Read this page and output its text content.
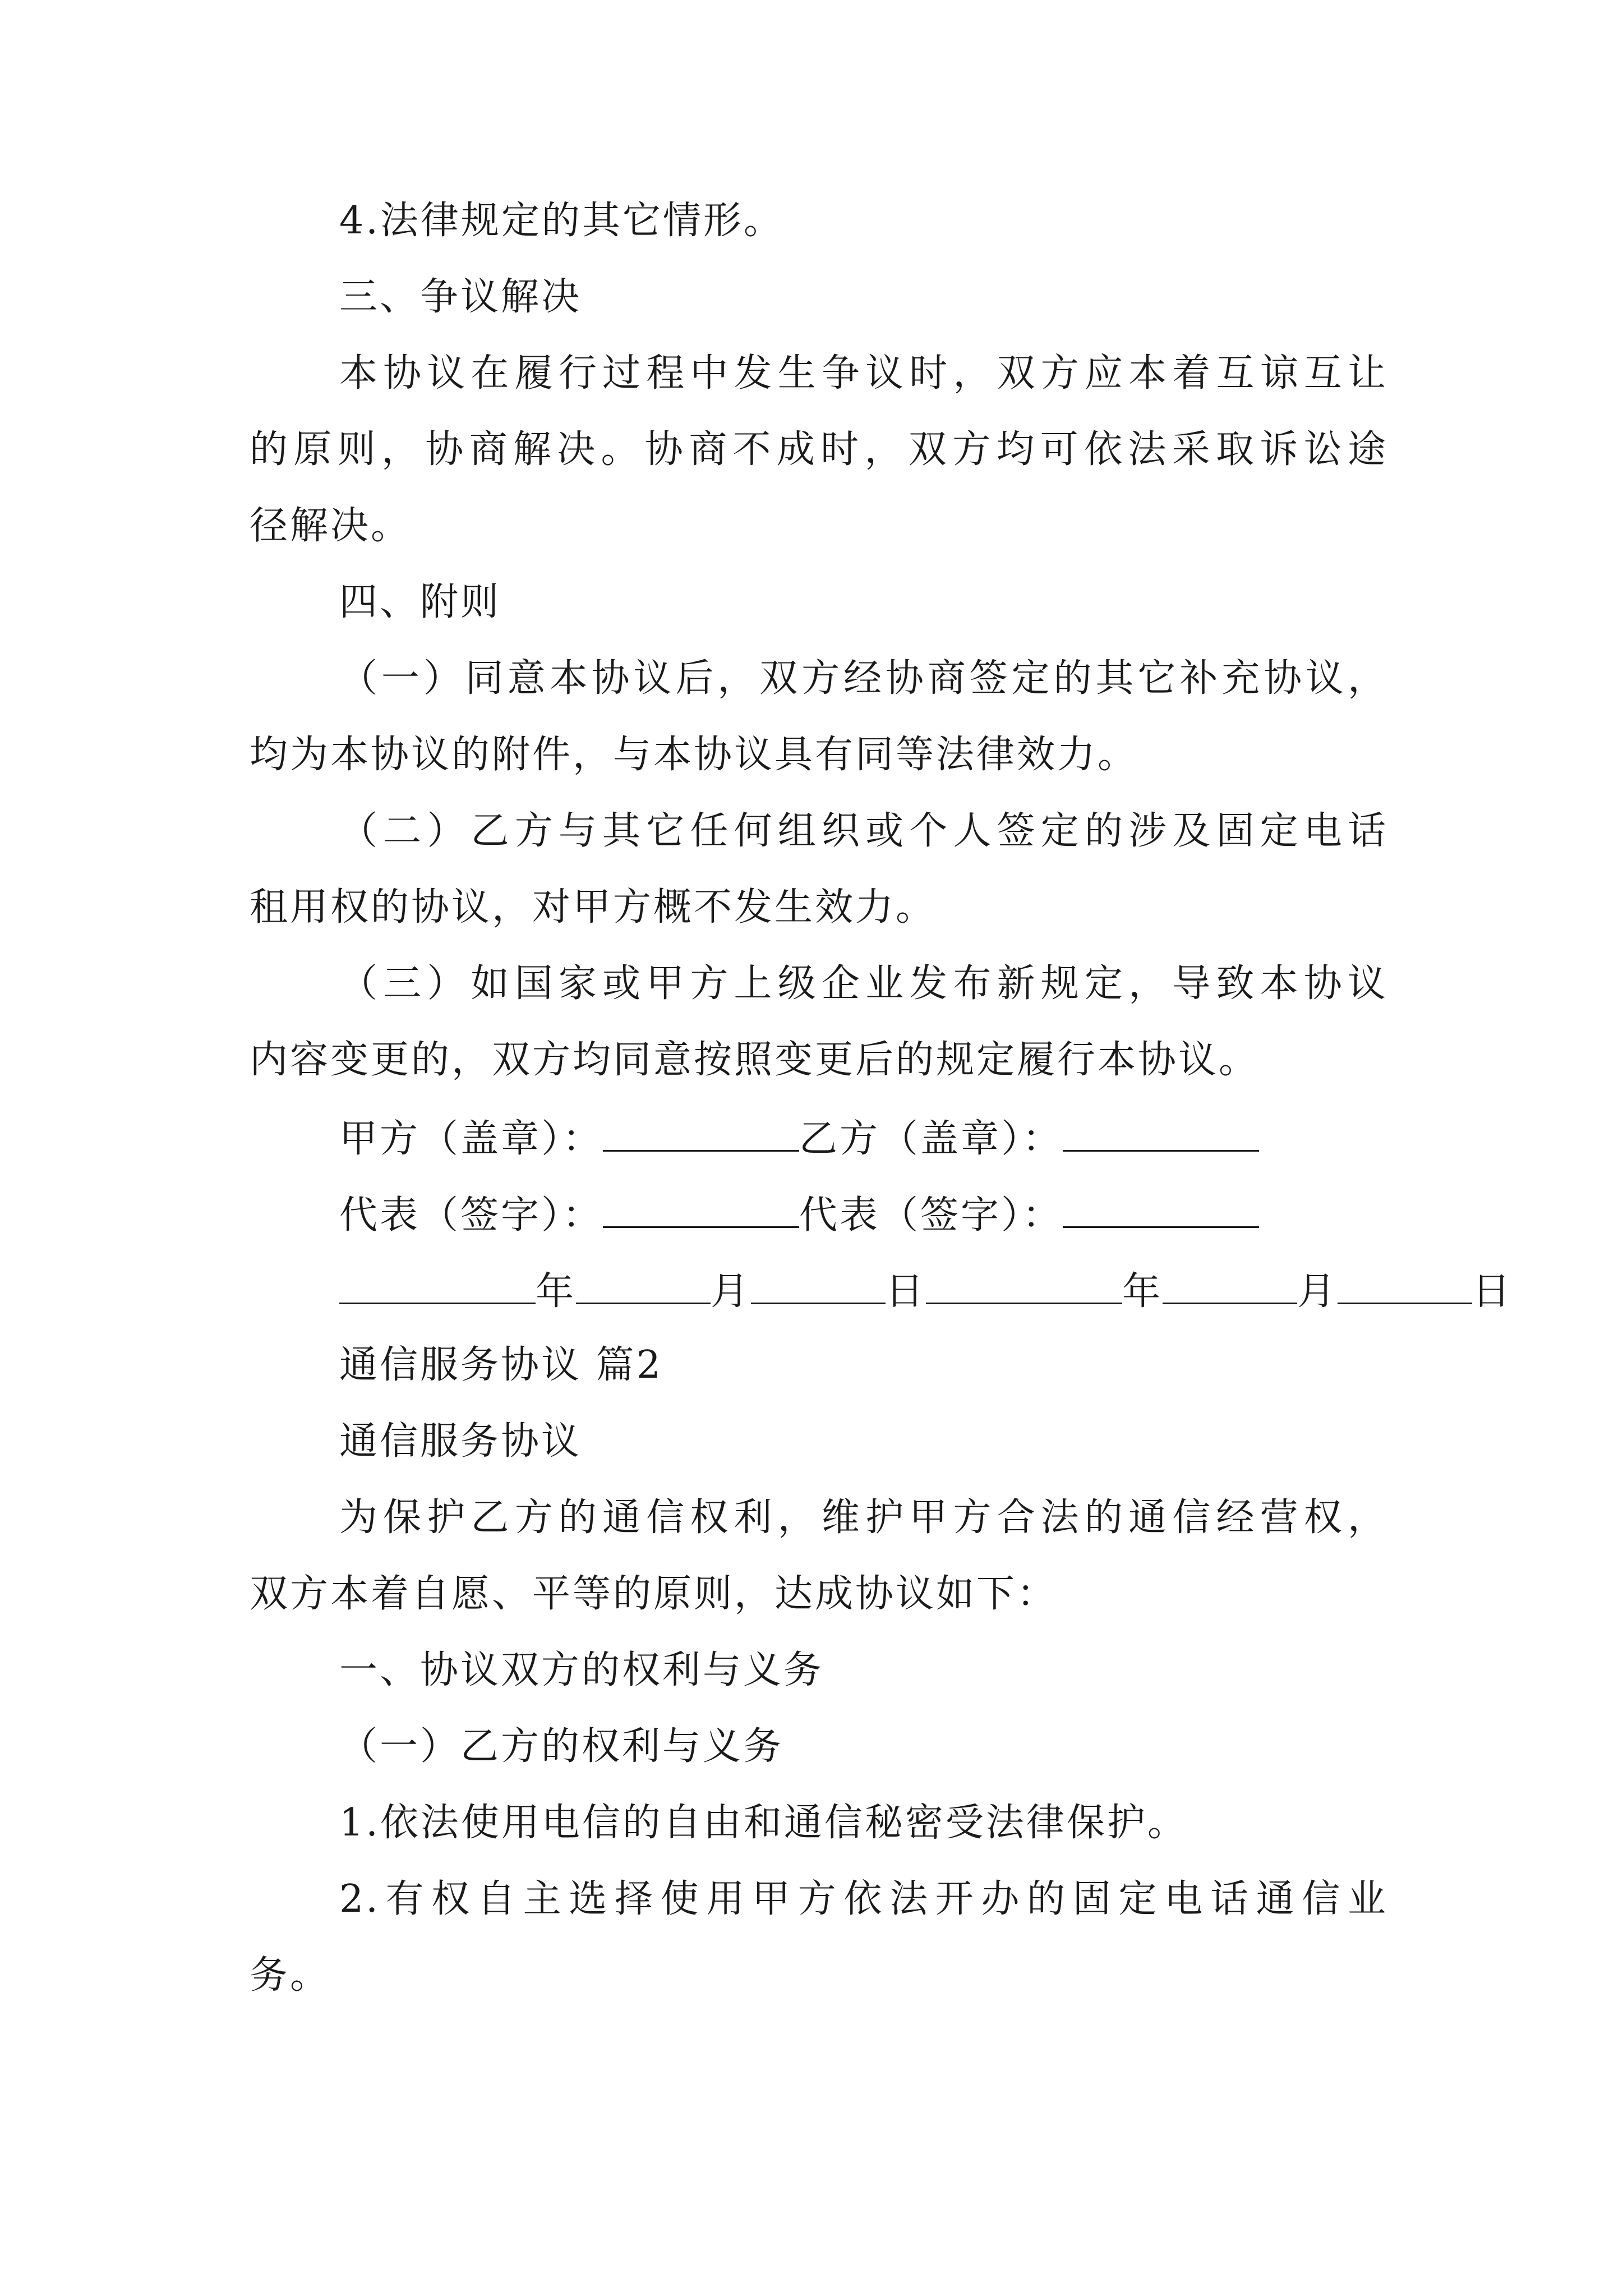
4.法律规定的其它情形。
三、争议解决
本协议在履行过程中发生争议时，双方应本着互谅互让
的原则，协商解决。协商不成时，双方均可依法采取诉讼途
径解决。
四、附则
（一）同意本协议后，双方经协商签定的其它补充协议，
均为本协议的附件，与本协议具有同等法律效力。
（二）乙方与其它任何组织或个人签定的涉及固定电话
租用权的协议，对甲方概不发生效力。
（三）如国家或甲方上级企业发布新规定，导致本协议
内容变更的，双方均同意按照变更后的规定履行本协议。
甲方（盖章）：	乙方（盖章）：
代表（签字）：	代表（签字）：
年	月	日	年	月	日
通信服务协议 篇2
通信服务协议
为保护乙方的通信权利，维护甲方合法的通信经营权，
双方本着自愿、平等的原则，达成协议如下：
一、协议双方的权利与义务
（一）乙方的权利与义务
1.依法使用电信的自由和通信秘密受法律保护。
2.有权自主选择使用甲方依法开办的固定电话通信业
务。
